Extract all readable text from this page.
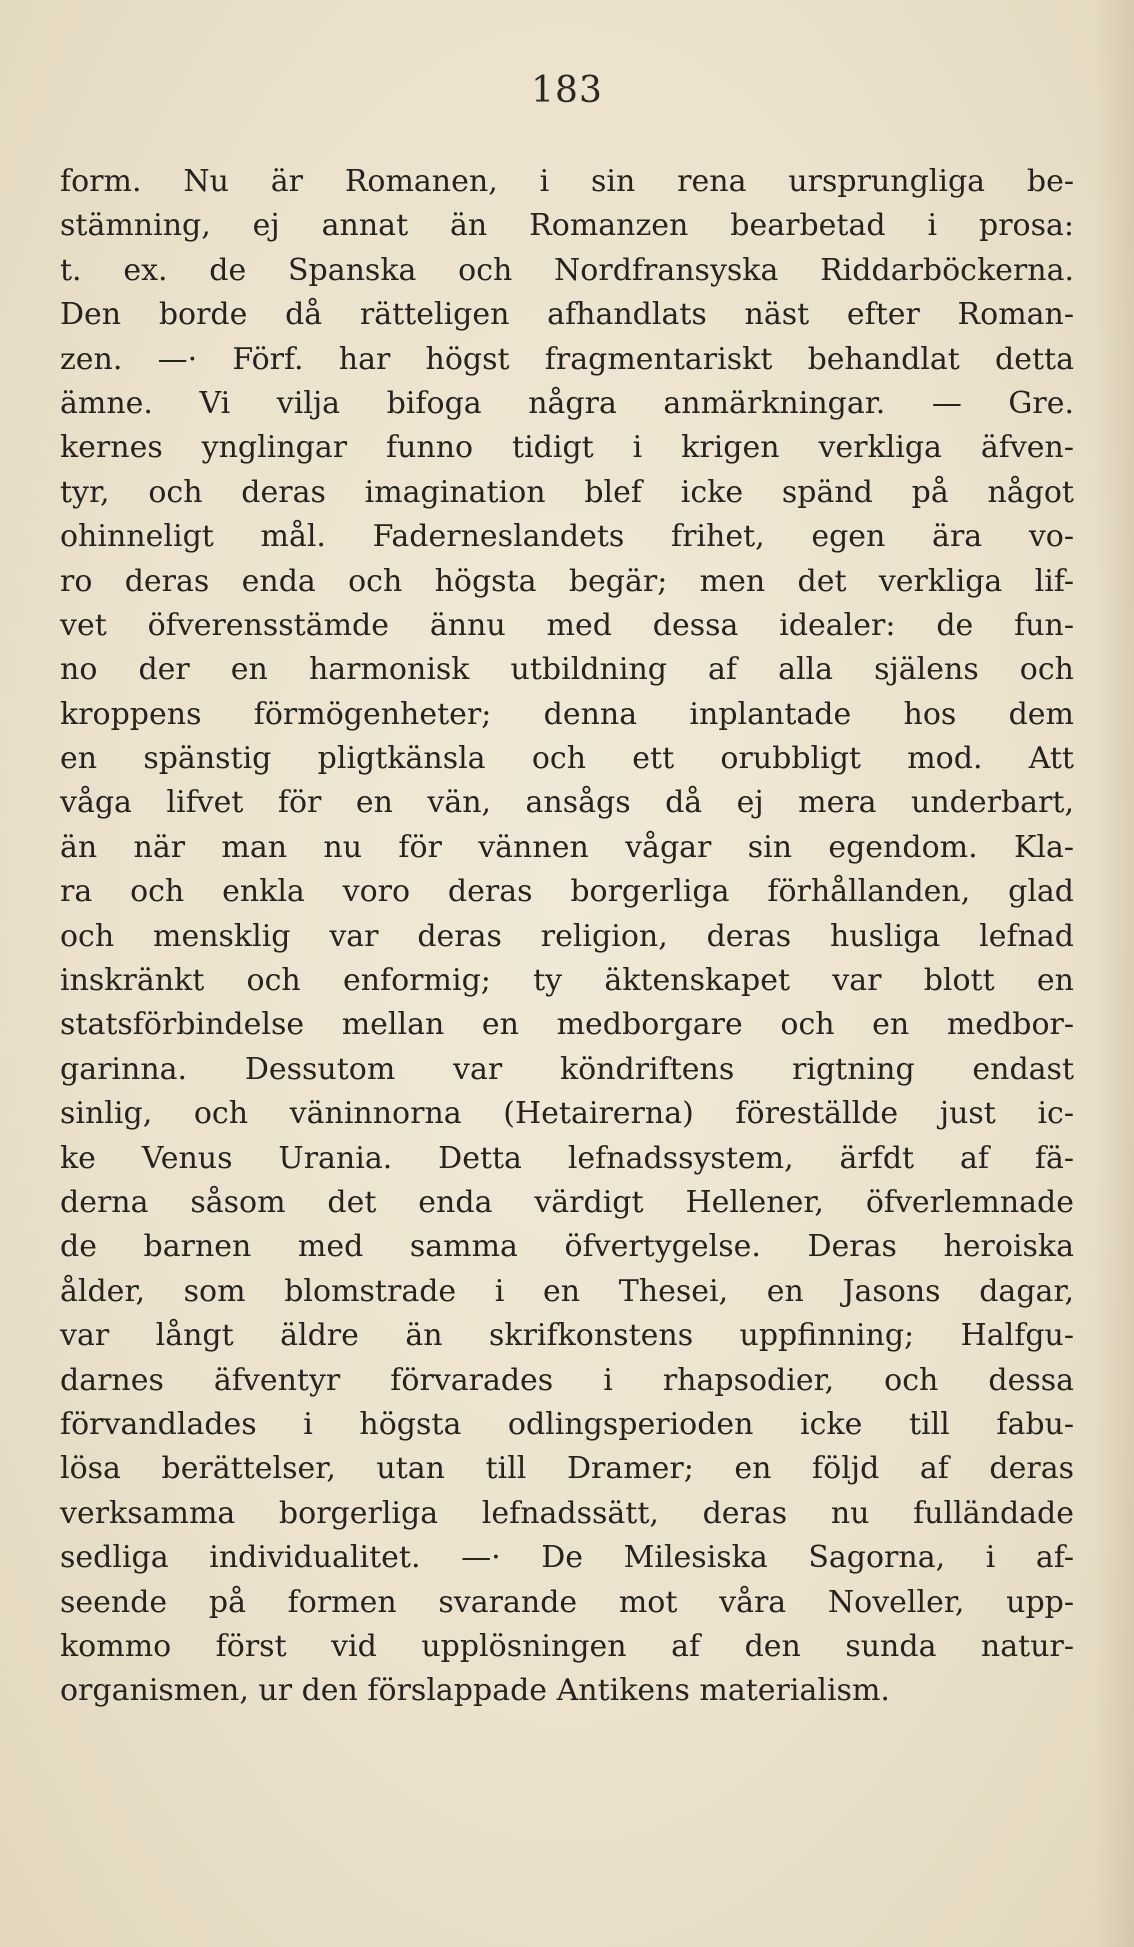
183
form. Nu är Romanen, i sin rena ursprungliga be-
stämning, ej annat än Romanzen bearbetad i prosa:
t. ex. de Spanska och Nordfransyska Riddarböckerna.
Den borde då rätteligen afhandlats näst efter Roman-
zen. —· Förf. har högst fragmentariskt behandlat detta
ämne. Vi vilja bifoga några anmärkningar. — Gre.
kernes ynglingar funno tidigt i krigen verkliga äfven-
tyr, och deras imagination blef icke spänd på något
ohinneligt mål. Faderneslandets frihet, egen ära vo-
ro deras enda och högsta begär; men det verkliga lif-
vet öfverensstämde ännu med dessa idealer: de fun-
no der en harmonisk utbildning af alla själens och
kroppens förmögenheter; denna inplantade hos dem
en spänstig pligtkänsla och ett orubbligt mod. Att
våga lifvet för en vän, ansågs då ej mera underbart,
än när man nu för vännen vågar sin egendom. Kla-
ra och enkla voro deras borgerliga förhållanden, glad
och mensklig var deras religion, deras husliga lefnad
inskränkt och enformig; ty äktenskapet var blott en
statsförbindelse mellan en medborgare och en medbor-
garinna. Dessutom var köndriftens rigtning endast
sinlig, och väninnorna (Hetairerna) föreställde just ic-
ke Venus Urania. Detta lefnadssystem, ärfdt af fä-
derna såsom det enda värdigt Hellener, öfverlemnade
de barnen med samma öfvertygelse. Deras heroiska
ålder, som blomstrade i en Thesei, en Jasons dagar,
var långt äldre än skrifkonstens uppfinning; Halfgu-
darnes äfventyr förvarades i rhapsodier, och dessa
förvandlades i högsta odlingsperioden icke till fabu-
lösa berättelser, utan till Dramer; en följd af deras
verksamma borgerliga lefnadssätt, deras nu fulländade
sedliga individualitet. —· De Milesiska Sagorna, i af-
seende på formen svarande mot våra Noveller, upp-
kommo först vid upplösningen af den sunda natur-
organismen, ur den förslappade Antikens materialism.
